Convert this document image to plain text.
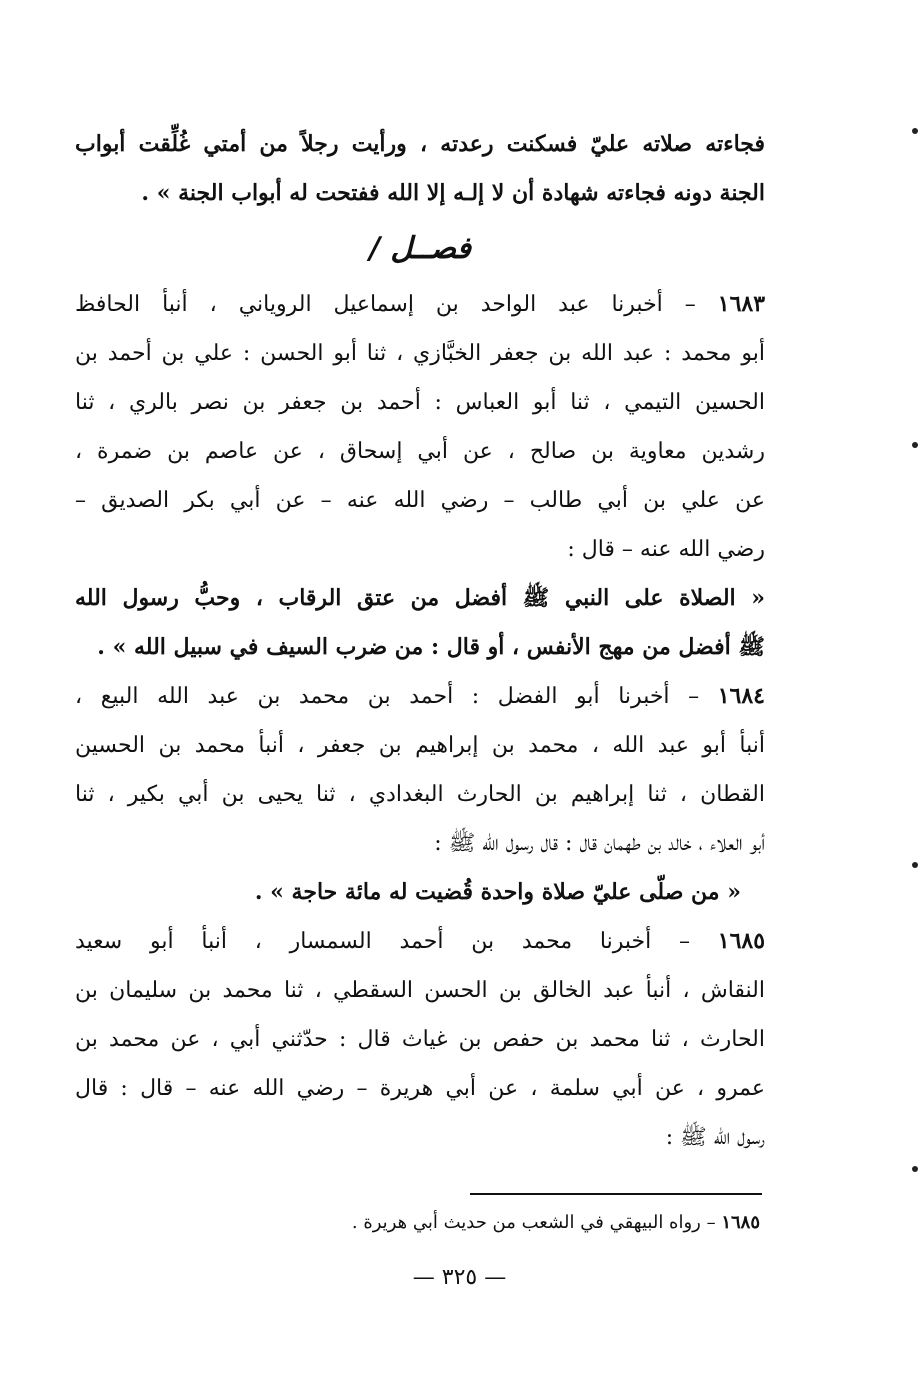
فجاءته صلاته عليّ فسكنت رعدته ، ورأيت رجلاً من أمتي غُلِّقت أبواب
الجنة دونه فجاءته شهادة أن لا إلـه إلا الله ففتحت له أبواب الجنة » .
فصــل /
١٦٨٣ – أخبرنا عبد الواحد بن إسماعيل الروياني ، أنبأ الحافظ
أبو محمد : عبد الله بن جعفر الخبَّازي ، ثنا أبو الحسن : علي بن أحمد بن
الحسين التيمي ، ثنا أبو العباس : أحمد بن جعفر بن نصر بالري ، ثنا
رشدين معاوية بن صالح ، عن أبي إسحاق ، عن عاصم بن ضمرة ،
عن علي بن أبي طالب – رضي الله عنه – عن أبي بكر الصديق –
رضي الله عنه – قال :
« الصلاة على النبي ﷺ أفضل من عتق الرقاب ، وحبُّ رسول الله
ﷺ أفضل من مهج الأنفس ، أو قال : من ضرب السيف في سبيل الله » .
١٦٨٤ – أخبرنا أبو الفضل : أحمد بن محمد بن عبد الله البيع ،
أنبأ أبو عبد الله ، محمد بن إبراهيم بن جعفر ، أنبأ محمد بن الحسين
القطان ، ثنا إبراهيم بن الحارث البغدادي ، ثنا يحيى بن أبي بكير ، ثنا
أبو العلاء ، خالد بن طهمان قال : قال رسول الله ﷺ :
« من صلّى عليّ صلاة واحدة قُضيت له مائة حاجة » .
١٦٨٥ – أخبرنا محمد بن أحمد السمسار ، أنبأ أبو سعيد
النقاش ، أنبأ عبد الخالق بن الحسن السقطي ، ثنا محمد بن سليمان بن
الحارث ، ثنا محمد بن حفص بن غياث قال : حدّثني أبي ، عن محمد بن
عمرو ، عن أبي سلمة ، عن أبي هريرة – رضي الله عنه – قال : قال
رسول الله ﷺ :
١٦٨٥ – رواه البيهقي في الشعب من حديث أبي هريرة .
— ٣٢٥ —
